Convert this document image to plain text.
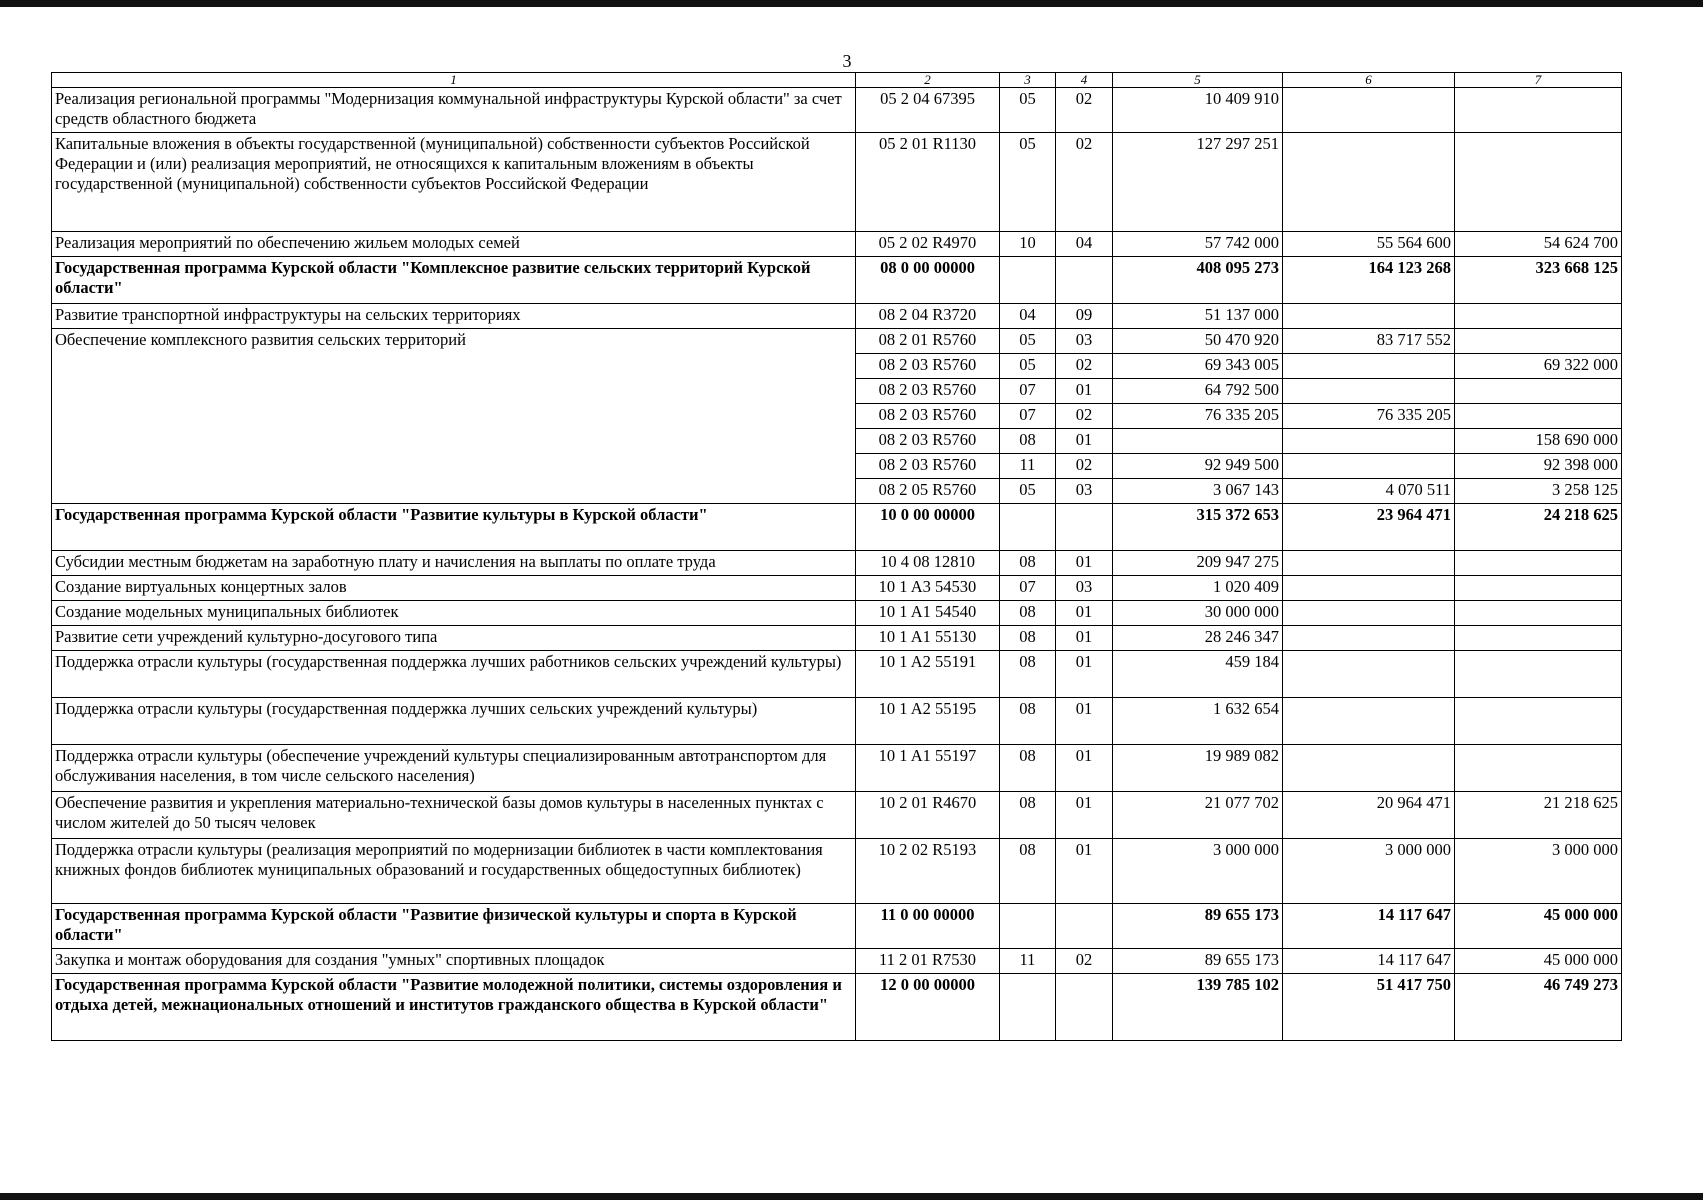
3
1	2	3	4	5	6	7
Реализация региональной программы "Модернизация коммунальной инфраструктуры Курской области" за счет средств областного бюджета	05 2 04 67395	05	02	10 409 910		
Капитальные вложения в объекты государственной (муниципальной) собственности субъектов Российской Федерации и (или) реализация мероприятий, не относящихся к капитальным вложениям в объекты государственной (муниципальной) собственности субъектов Российской Федерации	05 2 01 R1130	05	02	127 297 251		
Реализация мероприятий по обеспечению жильем молодых семей	05 2 02 R4970	10	04	57 742 000	55 564 600	54 624 700
Государственная программа Курской области "Комплексное развитие сельских территорий Курской области"	08 0 00 00000			408 095 273	164 123 268	323 668 125
Развитие транспортной инфраструктуры на сельских территориях	08 2 04 R3720	04	09	51 137 000		
Обеспечение комплексного развития сельских территорий	08 2 01 R5760	05	03	50 470 920	83 717 552	
	08 2 03 R5760	05	02	69 343 005		69 322 000
	08 2 03 R5760	07	01	64 792 500		
	08 2 03 R5760	07	02	76 335 205	76 335 205	
	08 2 03 R5760	08	01			158 690 000
	08 2 03 R5760	11	02	92 949 500		92 398 000
	08 2 05 R5760	05	03	3 067 143	4 070 511	3 258 125
Государственная программа Курской области "Развитие культуры в Курской области"	10 0 00 00000			315 372 653	23 964 471	24 218 625
Субсидии местным бюджетам на заработную плату и начисления на выплаты по оплате труда	10 4 08 12810	08	01	209 947 275		
Создание виртуальных концертных залов	10 1 A3 54530	07	03	1 020 409		
Создание модельных муниципальных библиотек	10 1 A1 54540	08	01	30 000 000		
Развитие сети учреждений культурно-досугового типа	10 1 A1 55130	08	01	28 246 347		
Поддержка отрасли культуры (государственная поддержка лучших работников сельских учреждений культуры)	10 1 A2 55191	08	01	459 184		
Поддержка отрасли культуры (государственная поддержка лучших сельских учреждений культуры)	10 1 A2 55195	08	01	1 632 654		
Поддержка отрасли культуры (обеспечение учреждений культуры специализированным автотранспортом для обслуживания населения, в том числе сельского населения)	10 1 A1 55197	08	01	19 989 082		
Обеспечение развития и укрепления материально-технической базы домов культуры в населенных пунктах с числом жителей до 50 тысяч человек	10 2 01 R4670	08	01	21 077 702	20 964 471	21 218 625
Поддержка отрасли культуры (реализация мероприятий по модернизации библиотек в части комплектования книжных фондов библиотек муниципальных образований и государственных общедоступных библиотек)	10 2 02 R5193	08	01	3 000 000	3 000 000	3 000 000
Государственная программа Курской области "Развитие физической культуры и спорта в Курской области"	11 0 00 00000			89 655 173	14 117 647	45 000 000
Закупка и монтаж оборудования для создания "умных" спортивных площадок	11 2 01 R7530	11	02	89 655 173	14 117 647	45 000 000
Государственная программа Курской области "Развитие молодежной политики, системы оздоровления и отдыха детей, межнациональных отношений и институтов гражданского общества в Курской области"	12 0 00 00000			139 785 102	51 417 750	46 749 273
